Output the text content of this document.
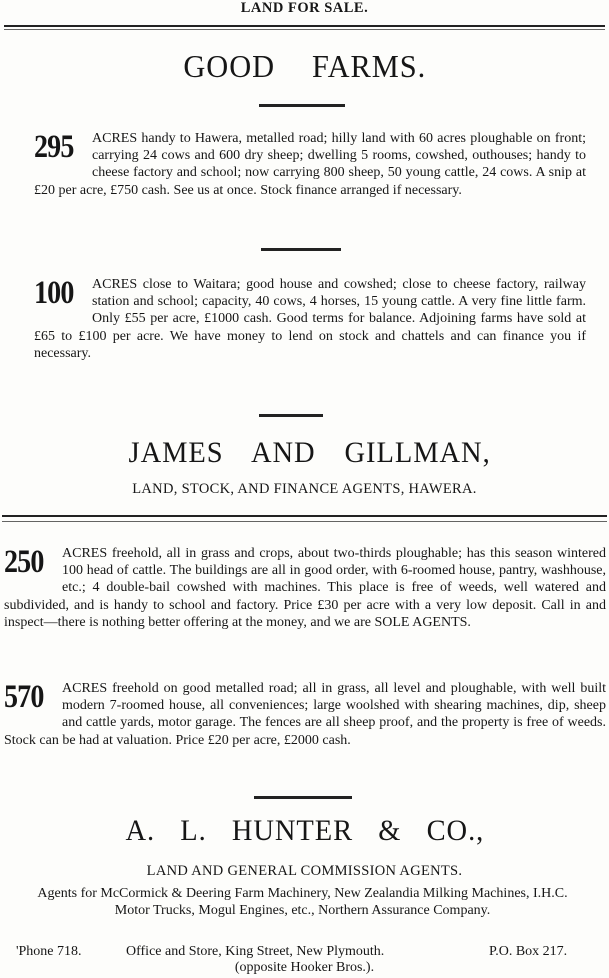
LAND FOR SALE.
GOOD FARMS.
295	ACRES handy to Hawera, metalled road; hilly land with 60 acres ploughable on front; carrying 24 cows and 600 dry sheep; dwelling 5 rooms, cowshed, outhouses; handy to cheese factory and school; now carrying 800 sheep, 50 young cattle, 24 cows. A snip at £20 per acre, £750 cash. See us at once. Stock finance arranged if necessary.
100	ACRES close to Waitara; good house and cowshed; close to cheese factory, railway station and school; capacity, 40 cows, 4 horses, 15 young cattle. A very fine little farm. Only £55 per acre, £1000 cash. Good terms for balance. Adjoining farms have sold at £65 to £100 per acre. We have money to lend on stock and chattels and can finance you if necessary.
JAMES AND GILLMAN,
LAND, STOCK, AND FINANCE AGENTS, HAWERA.
250	ACRES freehold, all in grass and crops, about two-thirds ploughable; has this season wintered 100 head of cattle. The buildings are all in good order, with 6-roomed house, pantry, washhouse, etc.; 4 double-bail cowshed with machines. This place is free of weeds, well watered and subdivided, and is handy to school and factory. Price £30 per acre with a very low deposit. Call in and inspect—there is nothing better offering at the money, and we are SOLE AGENTS.
570	ACRES freehold on good metalled road; all in grass, all level and ploughable, with well built modern 7-roomed house, all conveniences; large woolshed with shearing machines, dip, sheep and cattle yards, motor garage. The fences are all sheep proof, and the property is free of weeds. Stock can be had at valuation. Price £20 per acre, £2000 cash.
A. L. HUNTER & CO.,
LAND AND GENERAL COMMISSION AGENTS.
Agents for McCormick & Deering Farm Machinery, New Zealandia Milking Machines, I.H.C. Motor Trucks, Mogul Engines, etc., Northern Assurance Company.
'Phone 718.	Office and Store, King Street, New Plymouth.	P.O. Box 217.
(opposite Hooker Bros.).
